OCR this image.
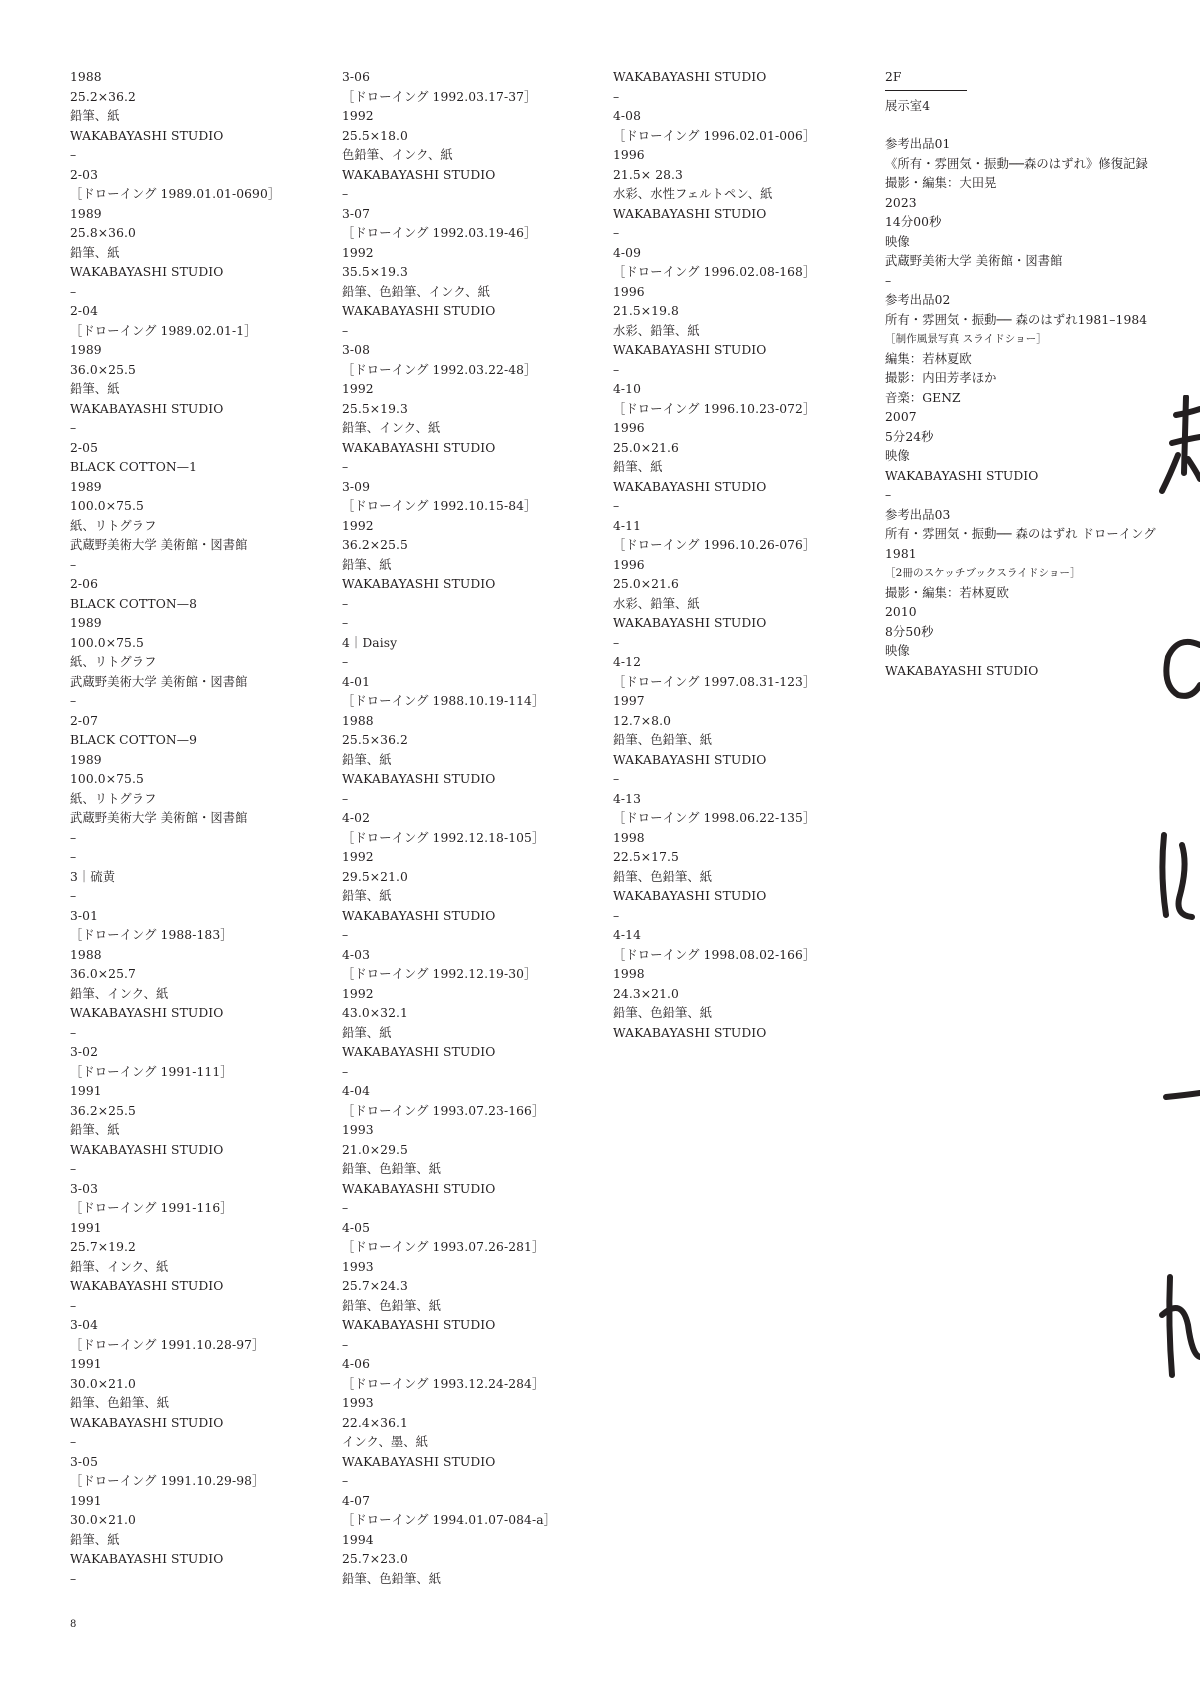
1988
25.2×36.2
鉛筆、紙
WAKABAYASHI STUDIO
–
2-03
［ドローイング 1989.01.01-0690］
1989
25.8×36.0
鉛筆、紙
WAKABAYASHI STUDIO
–
2-04
［ドローイング 1989.02.01-1］
1989
36.0×25.5
鉛筆、紙
WAKABAYASHI STUDIO
–
2-05
BLACK COTTON—1
1989
100.0×75.5
紙、リトグラフ
武蔵野美術大学 美術館・図書館
–
2-06
BLACK COTTON—8
1989
100.0×75.5
紙、リトグラフ
武蔵野美術大学 美術館・図書館
–
2-07
BLACK COTTON—9
1989
100.0×75.5
紙、リトグラフ
武蔵野美術大学 美術館・図書館
–
–
3｜硫黄
–
3-01
［ドローイング 1988-183］
1988
36.0×25.7
鉛筆、インク、紙
WAKABAYASHI STUDIO
–
3-02
［ドローイング 1991-111］
1991
36.2×25.5
鉛筆、紙
WAKABAYASHI STUDIO
–
3-03
［ドローイング 1991-116］
1991
25.7×19.2
鉛筆、インク、紙
WAKABAYASHI STUDIO
–
3-04
［ドローイング 1991.10.28-97］
1991
30.0×21.0
鉛筆、色鉛筆、紙
WAKABAYASHI STUDIO
–
3-05
［ドローイング 1991.10.29-98］
1991
30.0×21.0
鉛筆、紙
WAKABAYASHI STUDIO
–
3-06
［ドローイング 1992.03.17-37］
1992
25.5×18.0
色鉛筆、インク、紙
WAKABAYASHI STUDIO
–
3-07
［ドローイング 1992.03.19-46］
1992
35.5×19.3
鉛筆、色鉛筆、インク、紙
WAKABAYASHI STUDIO
–
3-08
［ドローイング 1992.03.22-48］
1992
25.5×19.3
鉛筆、インク、紙
WAKABAYASHI STUDIO
–
3-09
［ドローイング 1992.10.15-84］
1992
36.2×25.5
鉛筆、紙
WAKABAYASHI STUDIO
–
–
4｜Daisy
–
4-01
［ドローイング 1988.10.19-114］
1988
25.5×36.2
鉛筆、紙
WAKABAYASHI STUDIO
–
4-02
［ドローイング 1992.12.18-105］
1992
29.5×21.0
鉛筆、紙
WAKABAYASHI STUDIO
–
4-03
［ドローイング 1992.12.19-30］
1992
43.0×32.1
鉛筆、紙
WAKABAYASHI STUDIO
–
4-04
［ドローイング 1993.07.23-166］
1993
21.0×29.5
鉛筆、色鉛筆、紙
WAKABAYASHI STUDIO
–
4-05
［ドローイング 1993.07.26-281］
1993
25.7×24.3
鉛筆、色鉛筆、紙
WAKABAYASHI STUDIO
–
4-06
［ドローイング 1993.12.24-284］
1993
22.4×36.1
インク、墨、紙
WAKABAYASHI STUDIO
–
4-07
［ドローイング 1994.01.07-084-a］
1994
25.7×23.0
鉛筆、色鉛筆、紙
WAKABAYASHI STUDIO
–
4-08
［ドローイング 1996.02.01-006］
1996
21.5× 28.3
水彩、水性フェルトペン、紙
WAKABAYASHI STUDIO
–
4-09
［ドローイング 1996.02.08-168］
1996
21.5×19.8
水彩、鉛筆、紙
WAKABAYASHI STUDIO
–
4-10
［ドローイング 1996.10.23-072］
1996
25.0×21.6
鉛筆、紙
WAKABAYASHI STUDIO
–
4-11
［ドローイング 1996.10.26-076］
1996
25.0×21.6
水彩、鉛筆、紙
WAKABAYASHI STUDIO
–
4-12
［ドローイング 1997.08.31-123］
1997
12.7×8.0
鉛筆、色鉛筆、紙
WAKABAYASHI STUDIO
–
4-13
［ドローイング 1998.06.22-135］
1998
22.5×17.5
鉛筆、色鉛筆、紙
WAKABAYASHI STUDIO
–
4-14
［ドローイング 1998.08.02-166］
1998
24.3×21.0
鉛筆、色鉛筆、紙
WAKABAYASHI STUDIO
2F
展示室4
参考出品01
《所有・雰囲気・振動──森のはずれ》修復記録
撮影・編集：大田晃
2023
14分00秒
映像
武蔵野美術大学 美術館・図書館
–
参考出品02
所有・雰囲気・振動── 森のはずれ1981–1984
［制作風景写真 スライドショー］
編集：若林夏欧
撮影：内田芳孝ほか
音楽：GENZ
2007
5分24秒
映像
WAKABAYASHI STUDIO
–
参考出品03
所有・雰囲気・振動── 森のはずれ ドローイング
1981
［2冊のスケッチブックスライドショー］
撮影・編集：若林夏欧
2010
8分50秒
映像
WAKABAYASHI STUDIO
8
